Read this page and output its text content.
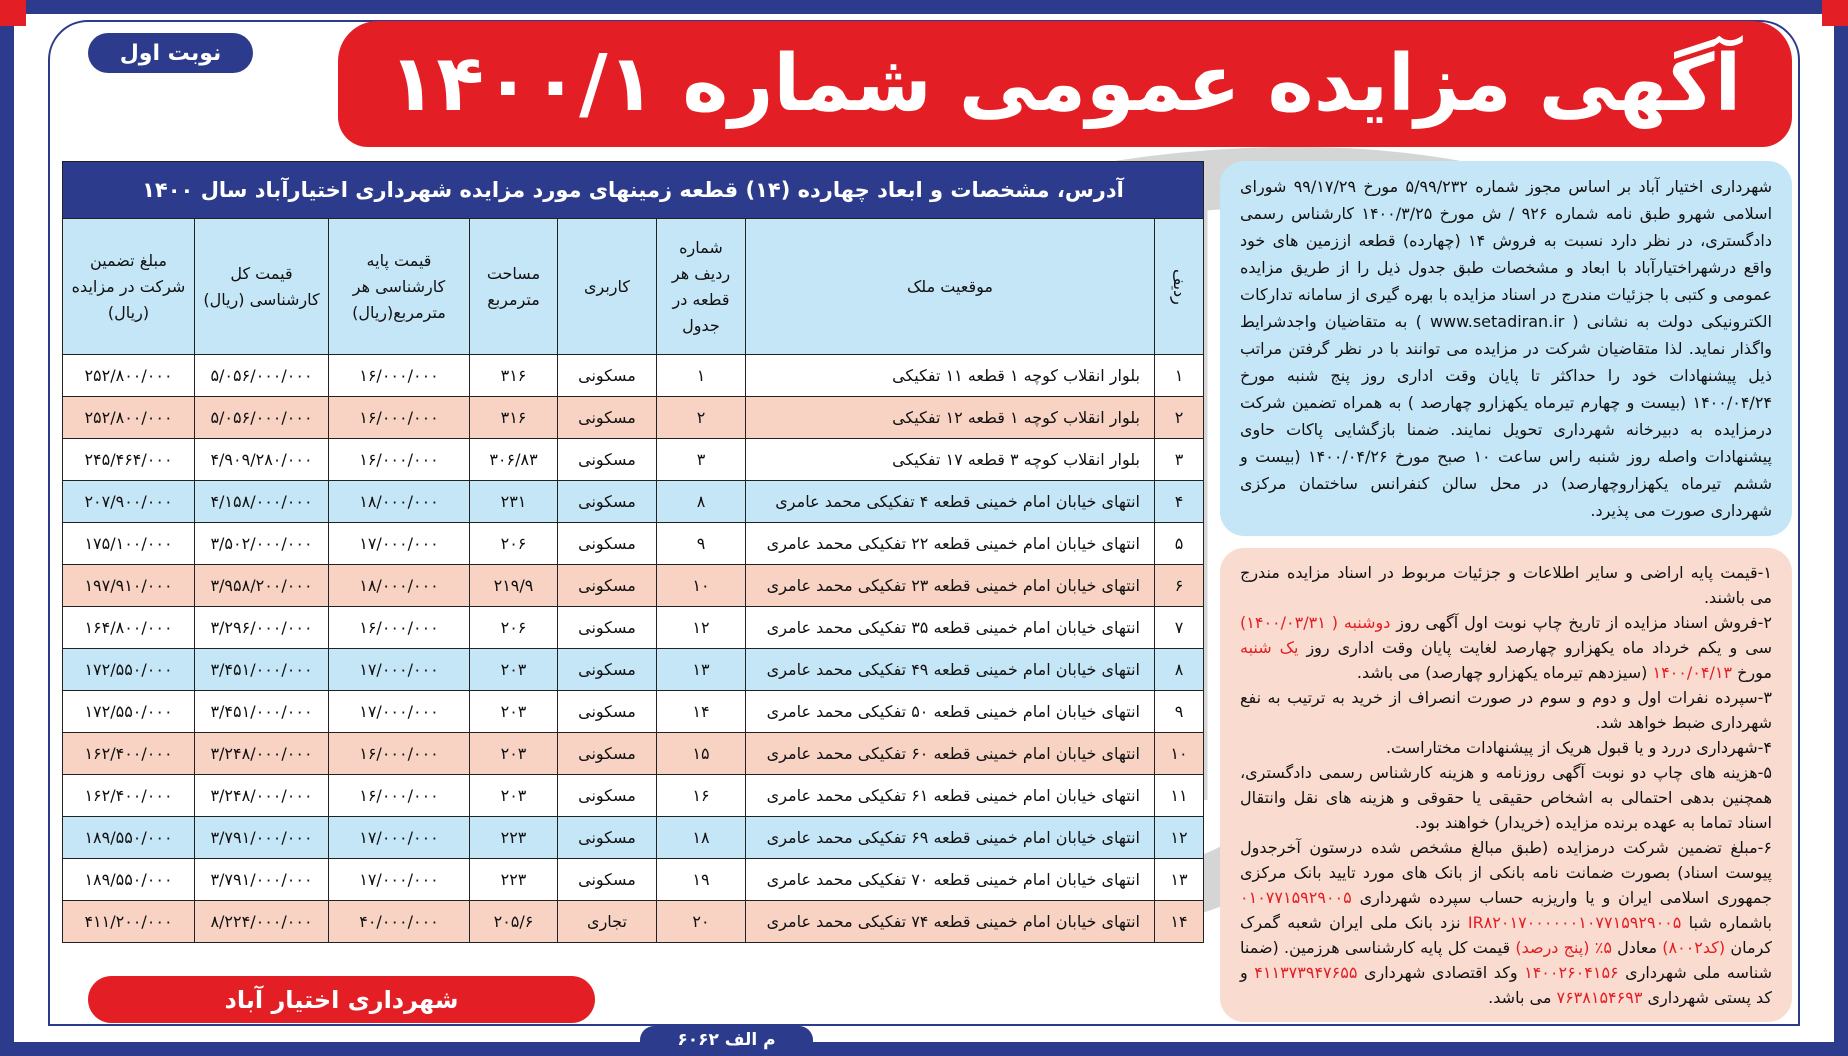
نوبت اول	آگهی مزایده عمومی شماره ۱۴۰۰/۱
آدرس، مشخصات و ابعاد چهارده (۱۴) قطعه زمینهای مورد مزایده شهرداری اختیارآباد سال ۱۴۰۰							
ردیف	موقعیت ملک	شماره ردیف هر قطعه در جدول	کاربری	مساحت مترمربع	قیمت پایه کارشناسی هر مترمربع(ریال)	قیمت کل کارشناسی (ریال)	مبلغ تضمین شرکت در مزایده (ریال)
۱	بلوار انقلاب کوچه ۱ قطعه ۱۱ تفکیکی	۱	مسکونی	۳۱۶	۱۶/۰۰۰/۰۰۰	۵/۰۵۶/۰۰۰/۰۰۰	۲۵۲/۸۰۰/۰۰۰
۲	بلوار انقلاب کوچه ۱ قطعه ۱۲ تفکیکی	۲	مسکونی	۳۱۶	۱۶/۰۰۰/۰۰۰	۵/۰۵۶/۰۰۰/۰۰۰	۲۵۲/۸۰۰/۰۰۰
۳	بلوار انقلاب کوچه ۳ قطعه ۱۷ تفکیکی	۳	مسکونی	۳۰۶/۸۳	۱۶/۰۰۰/۰۰۰	۴/۹۰۹/۲۸۰/۰۰۰	۲۴۵/۴۶۴/۰۰۰
۴	انتهای خیابان امام خمینی قطعه ۴ تفکیکی محمد عامری	۸	مسکونی	۲۳۱	۱۸/۰۰۰/۰۰۰	۴/۱۵۸/۰۰۰/۰۰۰	۲۰۷/۹۰۰/۰۰۰
۵	انتهای خیابان امام خمینی قطعه ۲۲ تفکیکی محمد عامری	۹	مسکونی	۲۰۶	۱۷/۰۰۰/۰۰۰	۳/۵۰۲/۰۰۰/۰۰۰	۱۷۵/۱۰۰/۰۰۰
۶	انتهای خیابان امام خمینی قطعه ۲۳ تفکیکی محمد عامری	۱۰	مسکونی	۲۱۹/۹	۱۸/۰۰۰/۰۰۰	۳/۹۵۸/۲۰۰/۰۰۰	۱۹۷/۹۱۰/۰۰۰
۷	انتهای خیابان امام خمینی قطعه ۳۵ تفکیکی محمد عامری	۱۲	مسکونی	۲۰۶	۱۶/۰۰۰/۰۰۰	۳/۲۹۶/۰۰۰/۰۰۰	۱۶۴/۸۰۰/۰۰۰
۸	انتهای خیابان امام خمینی قطعه ۴۹ تفکیکی محمد عامری	۱۳	مسکونی	۲۰۳	۱۷/۰۰۰/۰۰۰	۳/۴۵۱/۰۰۰/۰۰۰	۱۷۲/۵۵۰/۰۰۰
۹	انتهای خیابان امام خمینی قطعه ۵۰ تفکیکی محمد عامری	۱۴	مسکونی	۲۰۳	۱۷/۰۰۰/۰۰۰	۳/۴۵۱/۰۰۰/۰۰۰	۱۷۲/۵۵۰/۰۰۰
۱۰	انتهای خیابان امام خمینی قطعه ۶۰ تفکیکی محمد عامری	۱۵	مسکونی	۲۰۳	۱۶/۰۰۰/۰۰۰	۳/۲۴۸/۰۰۰/۰۰۰	۱۶۲/۴۰۰/۰۰۰
۱۱	انتهای خیابان امام خمینی قطعه ۶۱ تفکیکی محمد عامری	۱۶	مسکونی	۲۰۳	۱۶/۰۰۰/۰۰۰	۳/۲۴۸/۰۰۰/۰۰۰	۱۶۲/۴۰۰/۰۰۰
۱۲	انتهای خیابان امام خمینی قطعه ۶۹ تفکیکی محمد عامری	۱۸	مسکونی	۲۲۳	۱۷/۰۰۰/۰۰۰	۳/۷۹۱/۰۰۰/۰۰۰	۱۸۹/۵۵۰/۰۰۰
۱۳	انتهای خیابان امام خمینی قطعه ۷۰ تفکیکی محمد عامری	۱۹	مسکونی	۲۲۳	۱۷/۰۰۰/۰۰۰	۳/۷۹۱/۰۰۰/۰۰۰	۱۸۹/۵۵۰/۰۰۰
۱۴	انتهای خیابان امام خمینی قطعه ۷۴ تفکیکی محمد عامری	۲۰	تجاری	۲۰۵/۶	۴۰/۰۰۰/۰۰۰	۸/۲۲۴/۰۰۰/۰۰۰	۴۱۱/۲۰۰/۰۰۰
شهرداری اختیار آباد بر اساس مجوز شماره ۵/۹۹/۲۳۲ مورخ ۹۹/۱۷/۲۹ شورای اسلامی شهرو طبق نامه شماره ۹۲۶ / ش مورخ ۱۴۰۰/۳/۲۵ کارشناس رسمی دادگستری، در نظر دارد نسبت به فروش ۱۴ (چهارده) قطعه اززمین های خود واقع درشهراختیارآباد با ابعاد و مشخصات طبق جدول ذیل را از طریق مزایده عمومی و کتبی با جزئیات مندرج در اسناد مزایده با بهره گیری از سامانه تدارکات الکترونیکی دولت به نشانی ( www.setadiran.ir ) به متقاضیان واجدشرایط واگذار نماید. لذا متقاضیان شرکت در مزایده می توانند با در نظر گرفتن مراتب ذیل پیشنهادات خود را حداکثر تا پایان وقت اداری روز پنج شنبه مورخ ۱۴۰۰/۰۴/۲۴ (بیست و چهارم تیرماه یکهزارو چهارصد ) به همراه تضمین شرکت درمزایده به دبیرخانه شهرداری تحویل نمایند. ضمنا بازگشایی پاکات حاوی پیشنهادات واصله روز شنبه راس ساعت ۱۰ صبح مورخ ۱۴۰۰/۰۴/۲۶ (بیست و ششم تیرماه یکهزاروچهارصد) در محل سالن کنفرانس ساختمان مرکزی شهرداری صورت می پذیرد.
۱-قیمت پایه اراضی و سایر اطلاعات و جزئیات مربوط در اسناد مزایده مندرج می باشند.
۲-فروش اسناد مزایده از تاریخ چاپ نوبت اول آگهی روز دوشنبه ( ۱۴۰۰/۰۳/۳۱) سی و یکم خرداد ماه یکهزارو چهارصد لغایت پایان وقت اداری روز یک شنبه مورخ ۱۴۰۰/۰۴/۱۳ (سیزدهم تیرماه یکهزارو چهارصد) می باشد.
۳-سپرده نفرات اول و دوم و سوم در صورت انصراف از خرید به ترتیب به نفع شهرداری ضبط خواهد شد.
۴-شهرداری دررد و یا قبول هریک از پیشنهادات مختاراست.
۵-هزینه های چاپ دو نوبت آگهی روزنامه و هزینه کارشناس رسمی دادگستری، همچنین بدهی احتمالی به اشخاص حقیقی یا حقوقی و هزینه های نقل وانتقال اسناد تماما به عهده برنده مزایده (خریدار) خواهند بود.
۶-مبلغ تضمین شرکت درمزایده (طبق مبالغ مشخص شده درستون آخرجدول پیوست اسناد) بصورت ضمانت نامه بانکی از بانک های مورد تایید بانک مرکزی جمهوری اسلامی ایران و یا واریزبه حساب سپرده شهرداری ۰۱۰۷۷۱۵۹۲۹۰۰۵ باشماره شبا IR۸۲۰۱۷۰۰۰۰۰۰۱۰۷۷۱۵۹۲۹۰۰۵ نزد بانک ملی ایران شعبه گمرک کرمان (کد۸۰۰۲) معادل ۵٪ (پنج درصد) قیمت کل پایه کارشناسی هرزمین. (ضمنا شناسه ملی شهرداری ۱۴۰۰۲۶۰۴۱۵۶ وکد اقتصادی شهرداری ۴۱۱۳۷۳۹۴۷۶۵۵ و کد پستی شهرداری ۷۶۳۸۱۵۴۶۹۳ می باشد.
شهرداری اختیار آباد
م الف ۶۰۶۲
